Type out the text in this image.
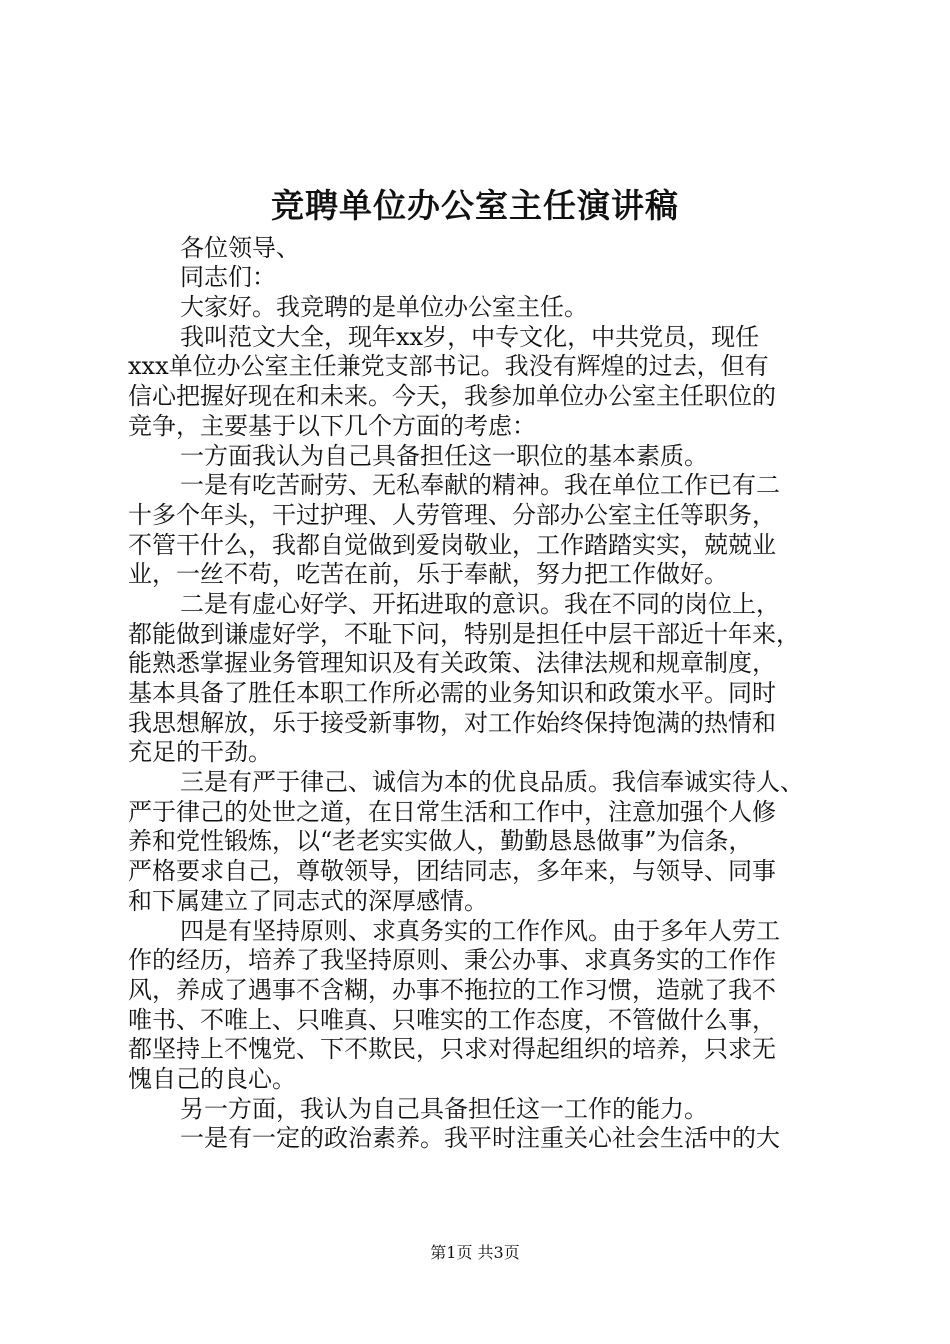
竞聘单位办公室主任演讲稿
各位领导、
同志们：
大家好。我竞聘的是单位办公室主任。
我叫范文大全，现年xx岁，中专文化，中共党员，现任
xxx单位办公室主任兼党支部书记。我没有辉煌的过去，但有
信心把握好现在和未来。今天，我参加单位办公室主任职位的
竞争，主要基于以下几个方面的考虑：
一方面我认为自己具备担任这一职位的基本素质。
一是有吃苦耐劳、无私奉献的精神。我在单位工作已有二
十多个年头，干过护理、人劳管理、分部办公室主任等职务，
不管干什么，我都自觉做到爱岗敬业，工作踏踏实实，兢兢业
业，一丝不苟，吃苦在前，乐于奉献，努力把工作做好。
二是有虚心好学、开拓进取的意识。我在不同的岗位上，
都能做到谦虚好学，不耻下问，特别是担任中层干部近十年来，
能熟悉掌握业务管理知识及有关政策、法律法规和规章制度，
基本具备了胜任本职工作所必需的业务知识和政策水平。同时
我思想解放，乐于接受新事物，对工作始终保持饱满的热情和
充足的干劲。
三是有严于律己、诚信为本的优良品质。我信奉诚实待人、
严于律己的处世之道，在日常生活和工作中，注意加强个人修
养和党性锻炼，以“老老实实做人，勤勤恳恳做事”为信条，
严格要求自己，尊敬领导，团结同志，多年来，与领导、同事
和下属建立了同志式的深厚感情。
四是有坚持原则、求真务实的工作作风。由于多年人劳工
作的经历，培养了我坚持原则、秉公办事、求真务实的工作作
风，养成了遇事不含糊，办事不拖拉的工作习惯，造就了我不
唯书、不唯上、只唯真、只唯实的工作态度，不管做什么事，
都坚持上不愧党、下不欺民，只求对得起组织的培养，只求无
愧自己的良心。
另一方面，我认为自己具备担任这一工作的能力。
一是有一定的政治素养。我平时注重关心社会生活中的大
第1页 共3页
